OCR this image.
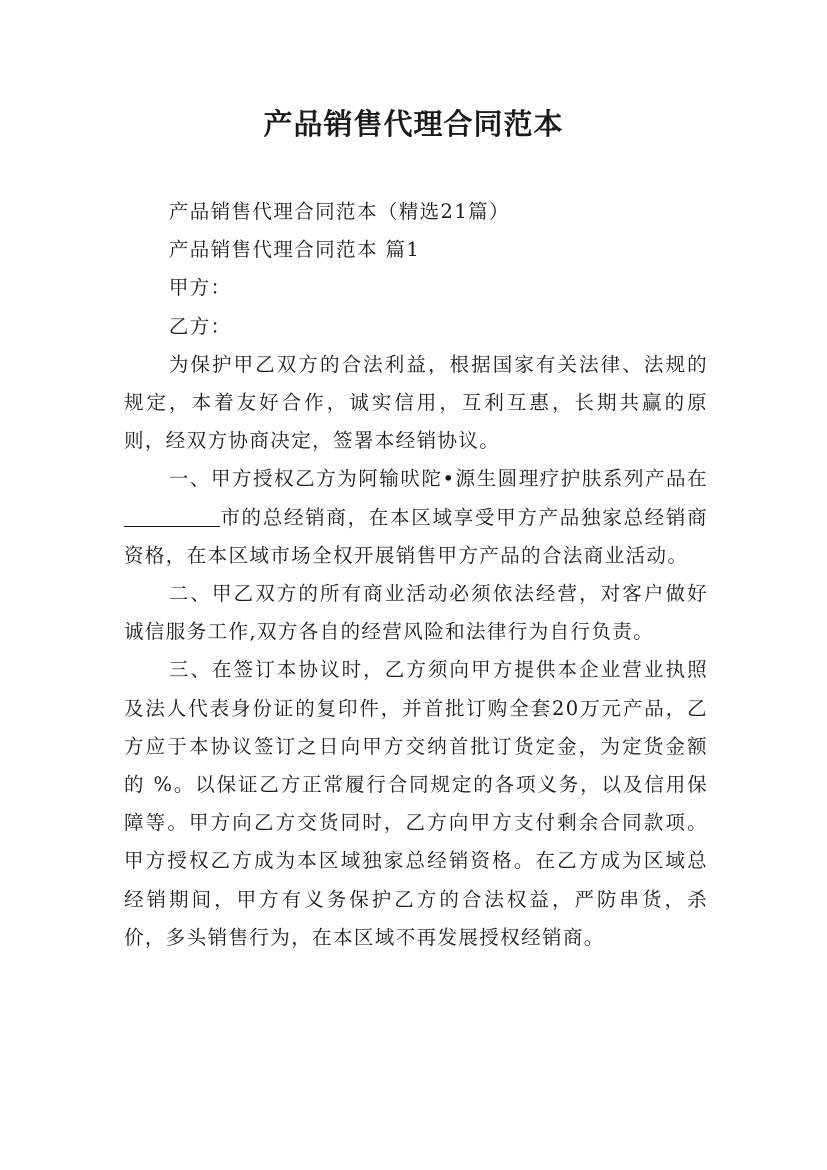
产品销售代理合同范本

产品销售代理合同范本（精选21篇）

产品销售代理合同范本 篇1

甲方：

乙方：

为保护甲乙双方的合法利益，根据国家有关法律、法规的规定，本着友好合作，诚实信用，互利互惠，长期共赢的原则，经双方协商决定，签署本经销协议。

一、甲方授权乙方为阿输吠陀•源生圆理疗护肤系列产品在市的总经销商，在本区域享受甲方产品独家总经销商资格，在本区域市场全权开展销售甲方产品的合法商业活动。

二、甲乙双方的所有商业活动必须依法经营，对客户做好诚信服务工作,双方各自的经营风险和法律行为自行负责。

三、在签订本协议时，乙方须向甲方提供本企业营业执照及法人代表身份证的复印件，并首批订购全套20万元产品，乙方应于本协议签订之日向甲方交纳首批订货定金，为定货金额的 %。以保证乙方正常履行合同规定的各项义务，以及信用保障等。甲方向乙方交货同时，乙方向甲方支付剩余合同款项。 甲方授权乙方成为本区域独家总经销资格。在乙方成为区域总经销期间，甲方有义务保护乙方的合法权益，严防串货，杀价，多头销售行为，在本区域不再发展授权经销商。
